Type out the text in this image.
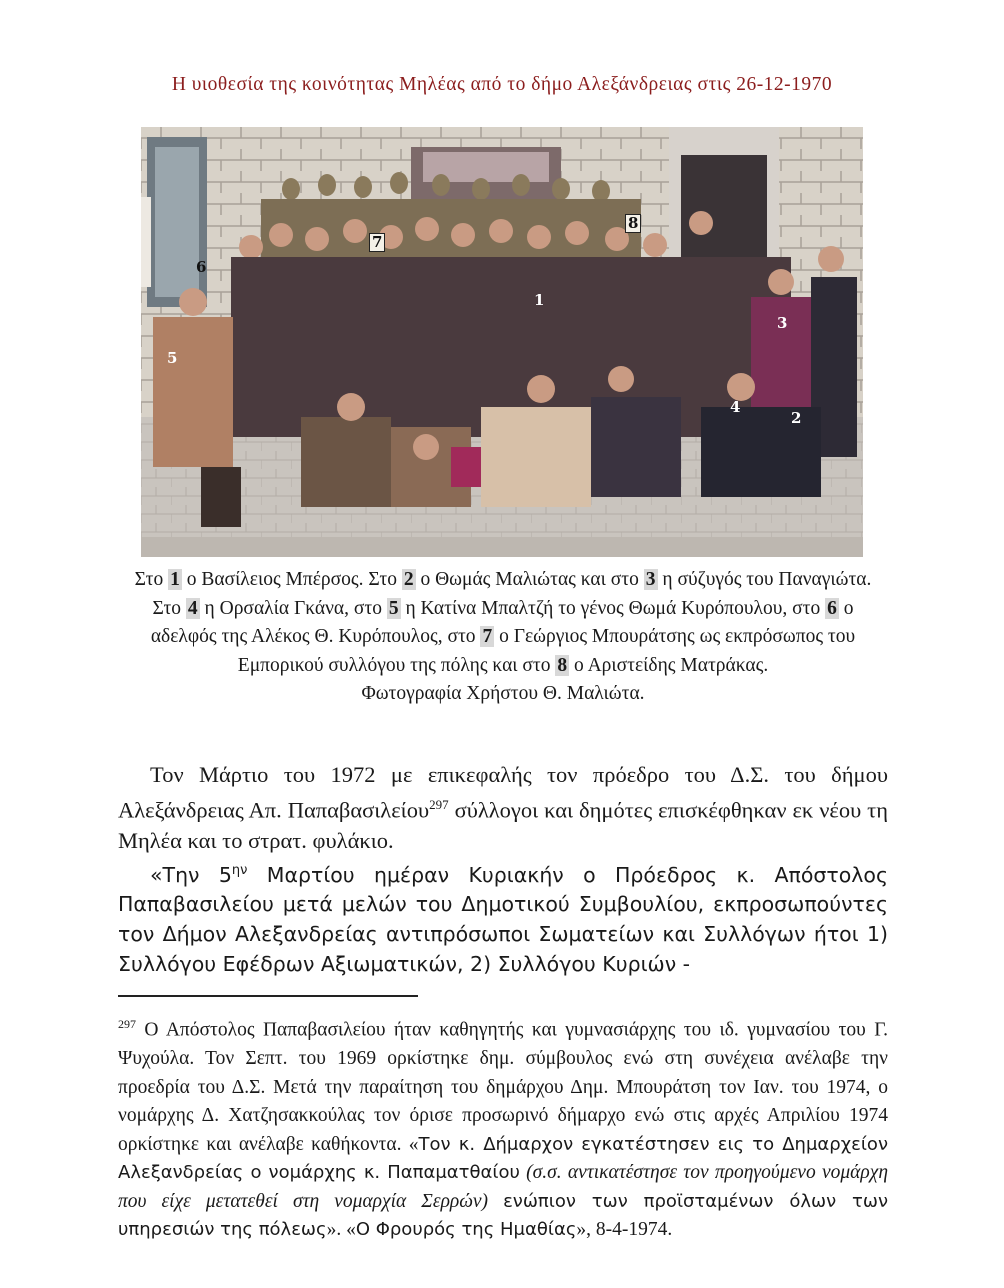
Η υιοθεσία της κοινότητας Μηλέας από το δήμο Αλεξάνδρειας στις 26-12-1970
1
2
3
4
5
6
7
8
Στο 1 ο Βασίλειος Μπέρσος. Στο 2 ο Θωμάς Μαλιώτας και στο 3 η σύζυγός του Παναγιώτα. Στο 4 η Ορσαλία Γκάνα, στο 5 η Κατίνα Μπαλτζή το γένος Θωμά Κυρόπουλου, στο 6 ο αδελφός της Αλέκος Θ. Κυρόπουλος, στο 7 ο Γεώργιος Μπουράτσης ως εκπρόσωπος του Εμπορικού συλλόγου της πόλης και στο 8 ο Αριστείδης Ματράκας.
Φωτογραφία Χρήστου Θ. Μαλιώτα.

Τον Μάρτιο του 1972 με επικεφαλής τον πρόεδρο του Δ.Σ. του δήμου Αλεξάνδρειας Απ. Παπαβασιλείου$^{297}$ σύλλογοι και δημότες επισκέφθηκαν εκ νέου τη Μηλέα και το στρατ. φυλάκιο.

«Την $5^{\eta\nu}$ Μαρτίου ημέραν Κυριακήν ο Πρόεδρος κ. Απόστολος Παπαβασιλείου μετά μελών του Δημοτικού Συμβουλίου, εκπροσωπούντες τον Δήμον Αλεξανδρείας αντιπρόσωποι Σωματείων και Συλλόγων ήτοι 1) Συλλόγου Εφέδρων Αξιωματικών, 2) Συλλόγου Κυριών -

$^{297}$ Ο Απόστολος Παπαβασιλείου ήταν καθηγητής και γυμνασιάρχης του ιδ. γυμνασίου του Γ. Ψυχούλα. Τον Σεπτ. του 1969 ορκίστηκε δημ. σύμβουλος ενώ στη συνέχεια ανέλαβε την προεδρία του Δ.Σ. Μετά την παραίτηση του δημάρχου Δημ. Μπουράτση τον Ιαν. του 1974, ο νομάρχης Δ. Χατζησακκούλας τον όρισε προσωρινό δήμαρχο ενώ στις αρχές Απριλίου 1974 ορκίστηκε και ανέλαβε καθήκοντα. «Τον κ. Δήμαρχον εγκατέστησεν εις το Δημαρχείον Αλεξανδρείας ο νομάρχης κ. Παπαματθαίου (σ.σ. αντικατέστησε τον προηγούμενο νομάρχη που είχε μετατεθεί στη νομαρχία Σερρών) ενώπιον των προϊσταμένων όλων των υπηρεσιών της πόλεως». «Ο Φρουρός της Ημαθίας», 8-4-1974.
